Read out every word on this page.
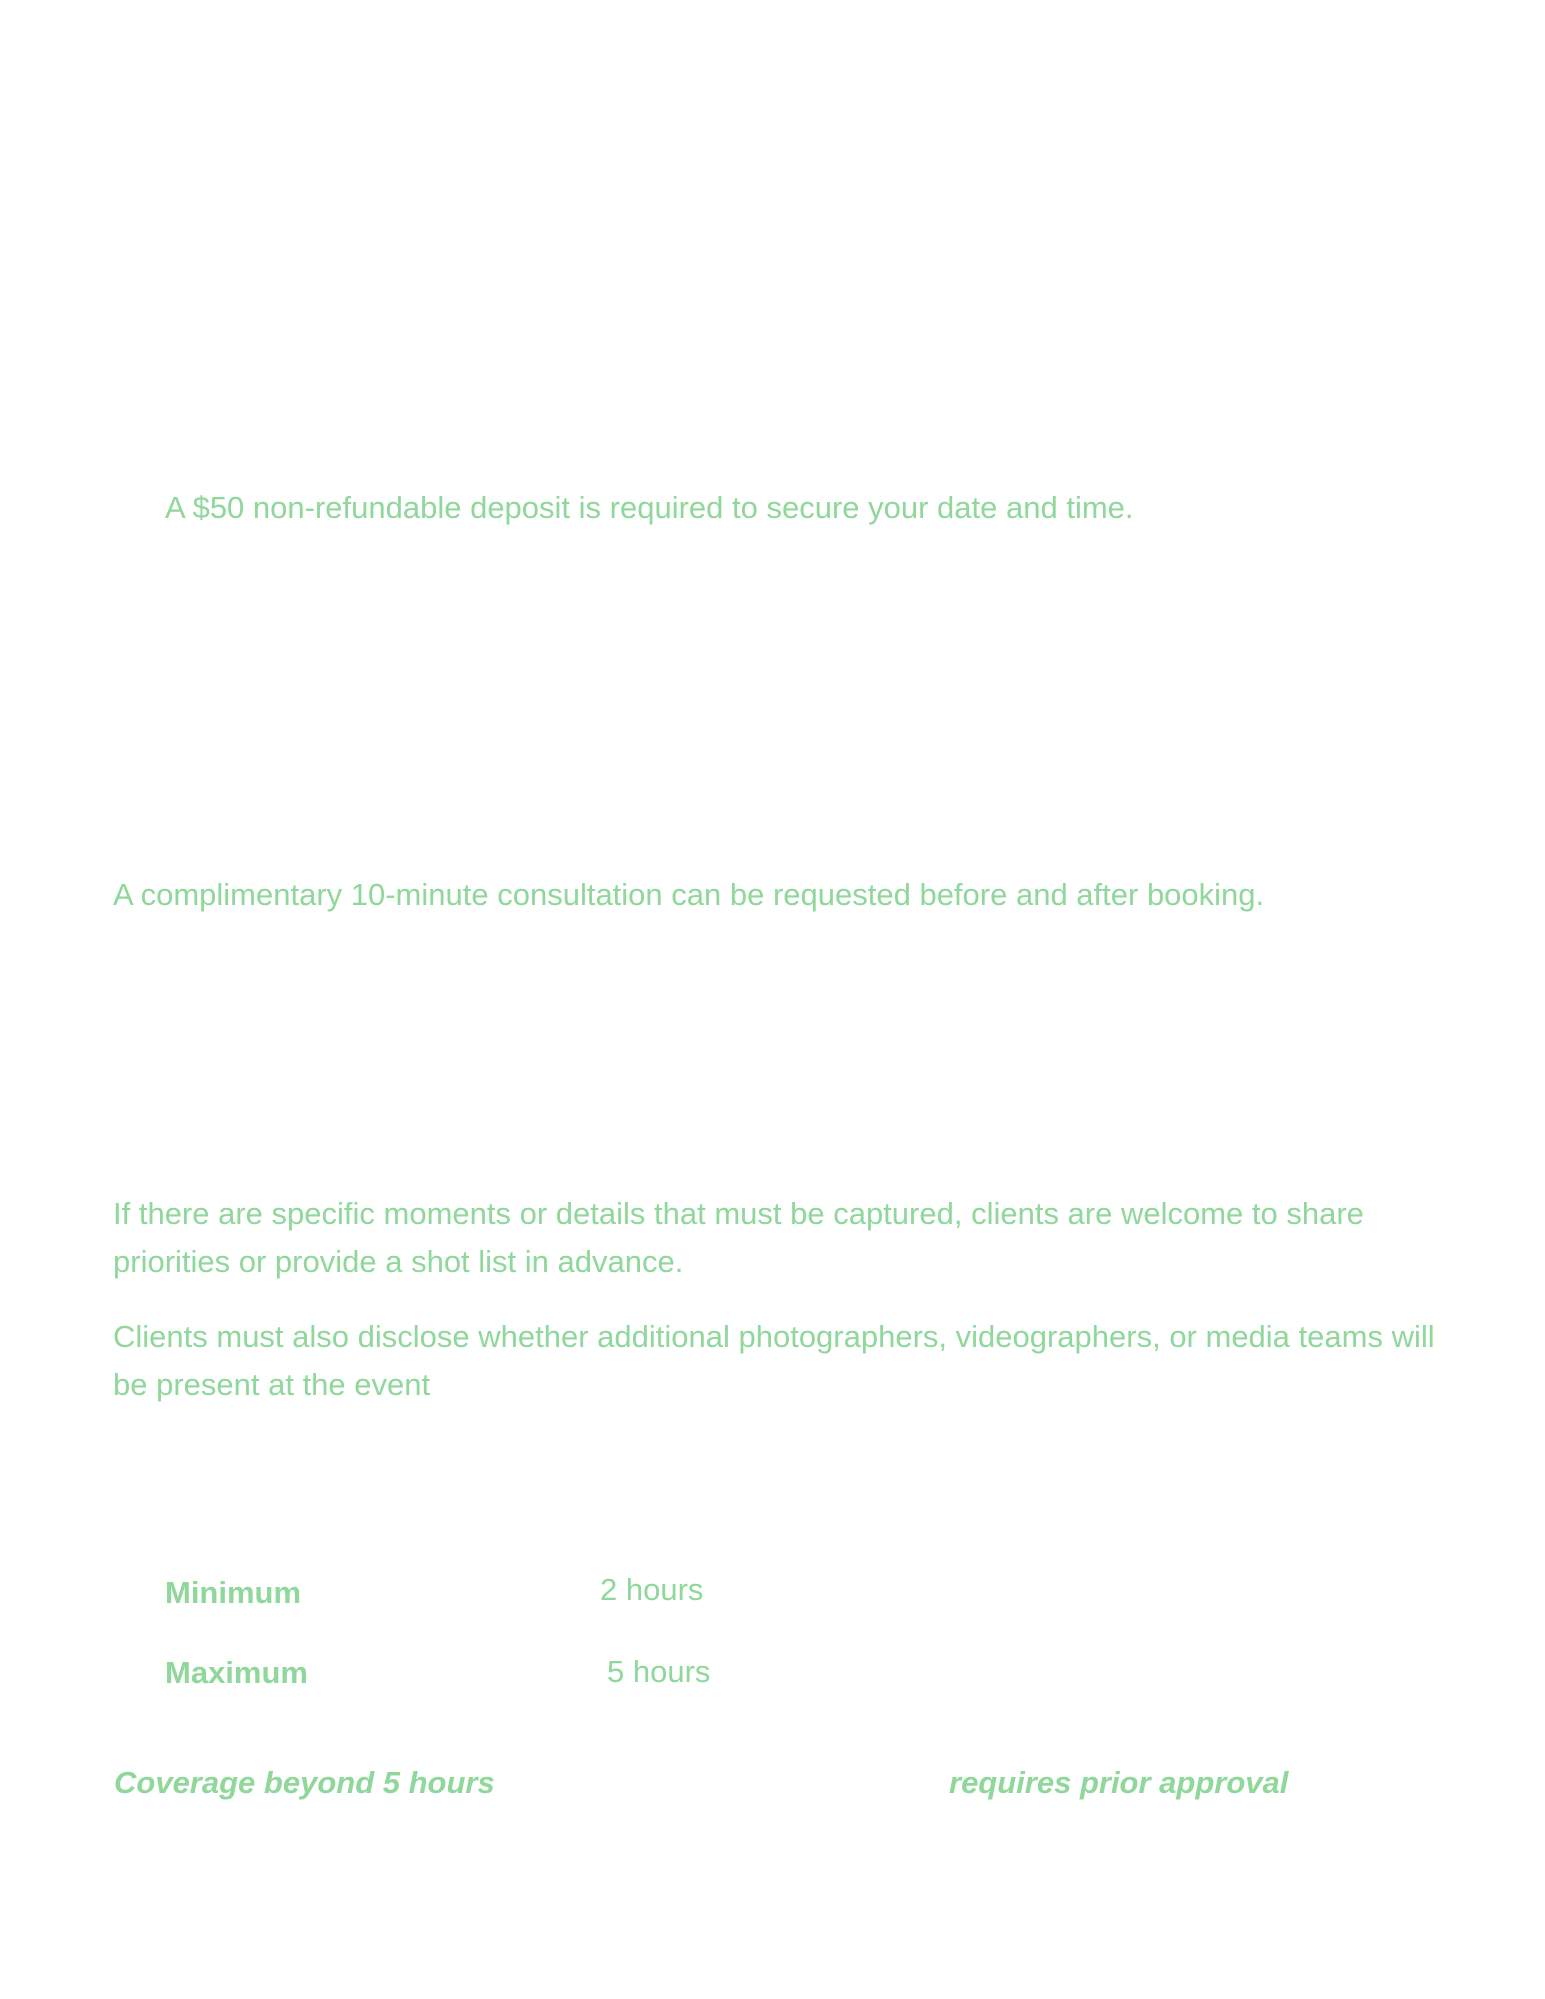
A $50 non-refundable deposit is required to secure your date and time.

A complimentary 10-minute consultation can be requested before and after booking.

If there are specific moments or details that must be captured, clients are welcome to share priorities or provide a shot list in advance.

Clients must also disclose whether additional photographers, videographers, or media teams will be present at the event

Minimum	2 hours
Maximum	5 hours
Coverage beyond 5 hours	requires prior approval
